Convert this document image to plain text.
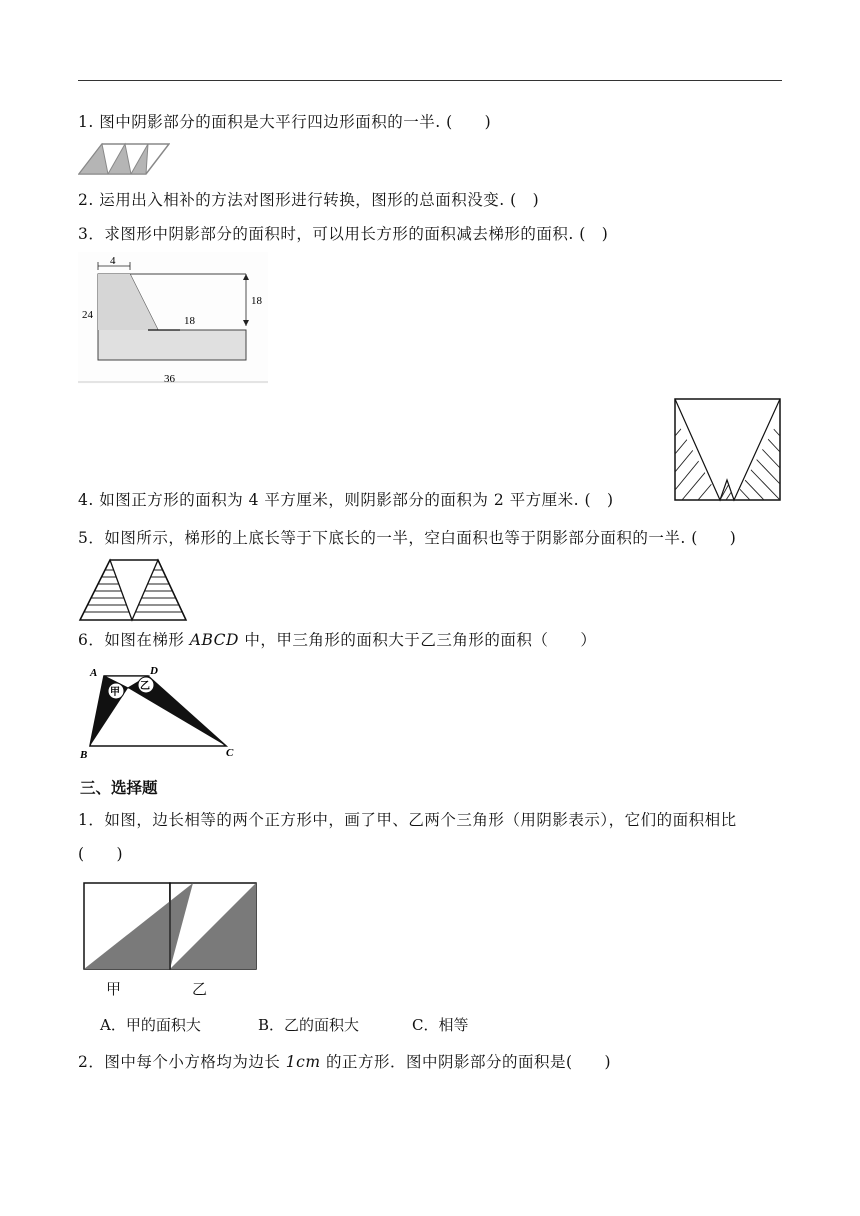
1. 图中阴影部分的面积是大平行四边形面积的一半. (　　)
2. 运用出入相补的方法对图形进行转换，图形的总面积没变. (　)
3．求图形中阴影部分的面积时，可以用长方形的面积减去梯形的面积. (　)
4
18
18
24
36
4. 如图正方形的面积为 4 平方厘米，则阴影部分的面积为 2 平方厘米. (　)
5．如图所示，梯形的上底长等于下底长的一半，空白面积也等于阴影部分面积的一半. (　　)
6．如图在梯形 ABCD 中，甲三角形的面积大于乙三角形的面积（　　）
甲
乙
A	D
B	C
三、选择题
1．如图，边长相等的两个正方形中，画了甲、乙两个三角形（用阴影表示），它们的面积相比
(　　)
甲	乙
A．甲的面积大	B．乙的面积大	C．相等
2．图中每个小方格均为边长 1cm 的正方形．图中阴影部分的面积是(　　)
